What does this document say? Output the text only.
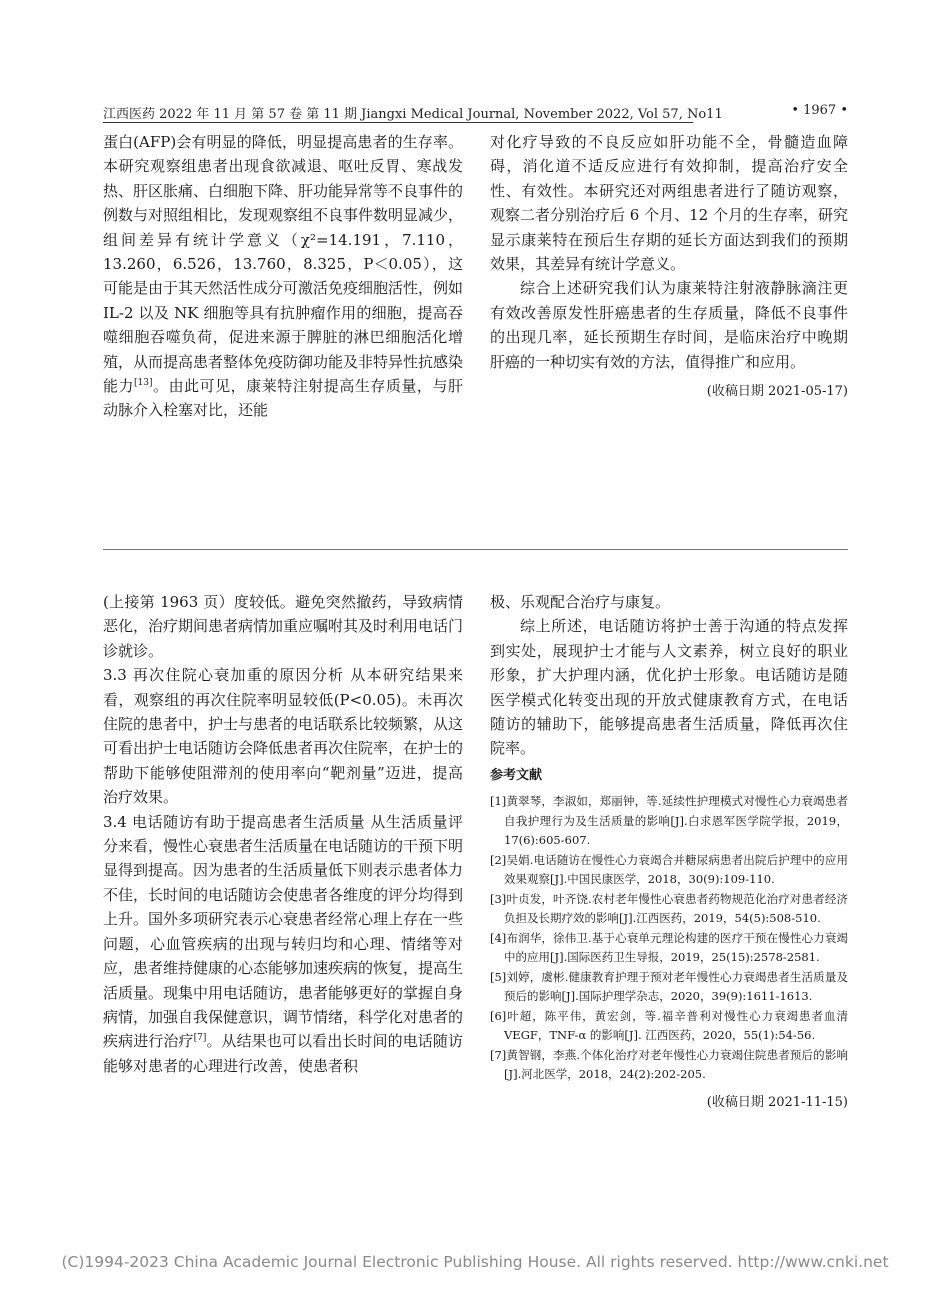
江西医药 2022 年 11 月 第 57 卷 第 11 期 Jiangxi Medical Journal, November 2022, Vol 57, No11	• 1967 •

蛋白(AFP)会有明显的降低，明显提高患者的生存率。本研究观察组患者出现食欲减退、呕吐反胃、寒战发热、肝区胀痛、白细胞下降、肝功能异常等不良事件的例数与对照组相比，发现观察组不良事件数明显减少，组间差异有统计学意义（χ²=14.191，7.110，13.260，6.526，13.760，8.325，P＜0.05），这可能是由于其天然活性成分可激活免疫细胞活性，例如 IL-2 以及 NK 细胞等具有抗肿瘤作用的细胞，提高吞噬细胞吞噬负荷，促进来源于脾脏的淋巴细胞活化增殖，从而提高患者整体免疫防御功能及非特异性抗感染能力[13]。由此可见，康莱特注射提高生存质量，与肝动脉介入栓塞对比，还能

对化疗导致的不良反应如肝功能不全，骨髓造血障碍，消化道不适反应进行有效抑制，提高治疗安全性、有效性。本研究还对两组患者进行了随访观察，观察二者分别治疗后 6 个月、12 个月的生存率，研究显示康莱特在预后生存期的延长方面达到我们的预期效果，其差异有统计学意义。

综合上述研究我们认为康莱特注射液静脉滴注更有效改善原发性肝癌患者的生存质量，降低不良事件的出现几率，延长预期生存时间，是临床治疗中晚期肝癌的一种切实有效的方法，值得推广和应用。

(收稿日期 2021-05-17)

(上接第 1963 页）度较低。避免突然撤药，导致病情恶化，治疗期间患者病情加重应嘱咐其及时利用电话门诊就诊。

3.3 再次住院心衰加重的原因分析 从本研究结果来看，观察组的再次住院率明显较低(P<0.05)。未再次住院的患者中，护士与患者的电话联系比较频繁，从这可看出护士电话随访会降低患者再次住院率，在护士的帮助下能够使阻滞剂的使用率向“靶剂量”迈进，提高治疗效果。

3.4 电话随访有助于提高患者生活质量 从生活质量评分来看，慢性心衰患者生活质量在电话随访的干预下明显得到提高。因为患者的生活质量低下则表示患者体力不佳，长时间的电话随访会使患者各维度的评分均得到上升。国外多项研究表示心衰患者经常心理上存在一些问题，心血管疾病的出现与转归均和心理、情绪等对应，患者维持健康的心态能够加速疾病的恢复，提高生活质量。现集中用电话随访，患者能够更好的掌握自身病情，加强自我保健意识，调节情绪，科学化对患者的疾病进行治疗[7]。从结果也可以看出长时间的电话随访能够对患者的心理进行改善，使患者积

极、乐观配合治疗与康复。

综上所述，电话随访将护士善于沟通的特点发挥到实处，展现护士才能与人文素养，树立良好的职业形象，扩大护理内涵，优化护士形象。电话随访是随医学模式化转变出现的开放式健康教育方式，在电话随访的辅助下，能够提高患者生活质量，降低再次住院率。

参考文献

[1]黄翠琴，李淑如，郑丽钟，等.延续性护理模式对慢性心力衰竭患者自我护理行为及生活质量的影响[J].白求恩军医学院学报，2019，17(6):605-607.

[2]吴娟.电话随访在慢性心力衰竭合并糖尿病患者出院后护理中的应用效果观察[J].中国民康医学，2018，30(9):109-110.

[3]叶贞发，叶齐饶.农村老年慢性心衰患者药物规范化治疗对患者经济负担及长期疗效的影响[J].江西医药，2019，54(5):508-510.

[4]布润华，徐伟卫.基于心衰单元理论构建的医疗干预在慢性心力衰竭中的应用[J].国际医药卫生导报，2019，25(15):2578-2581.

[5]刘婷，虞彬.健康教育护理于预对老年慢性心力衰竭患者生活质量及预后的影响[J].国际护理学杂志，2020，39(9):1611-1613.

[6]叶超，陈平伟，黄宏剑，等.福辛普利对慢性心力衰竭患者血清 VEGF，TNF-α 的影响[J]. 江西医药，2020，55(1):54-56.

[7]黄智钢，李燕.个体化治疗对老年慢性心力衰竭住院患者预后的影响[J].河北医学，2018，24(2):202-205.

(收稿日期 2021-11-15)

(C)1994-2023 China Academic Journal Electronic Publishing House. All rights reserved. http://www.cnki.net
